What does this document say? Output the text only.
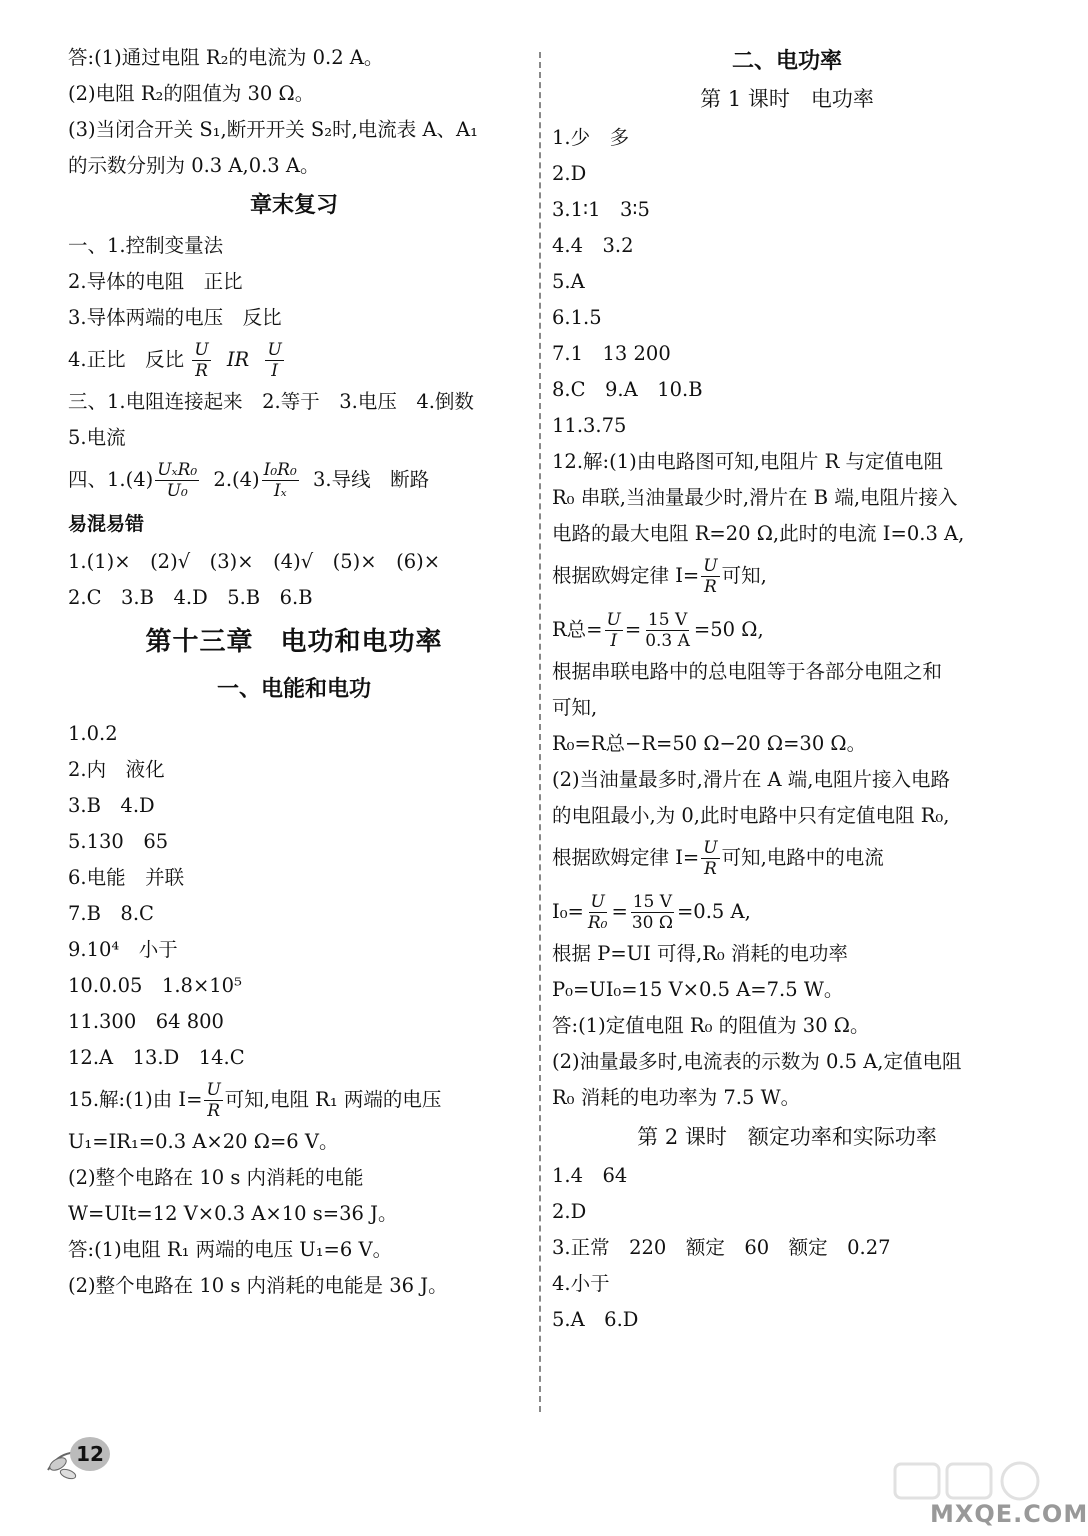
答:(1)通过电阻 R₂的电流为 0.2 A。

(2)电阻 R₂的阻值为 30 Ω。

(3)当闭合开关 S₁,断开开关 S₂时,电流表 A、A₁

的示数分别为 0.3 A,0.3 A。

章末复习

一、1.控制变量法

2.导体的电阻　正比

3.导体两端的电压　反比

4.正比　反比 $\frac{U}{R}$ IR $\frac{U}{I}$

三、1.电阻连接起来　2.等于　3.电压　4.倒数

5.电流

四、$1.(4) \frac{\text{UₓR₀}}{\text{U₀}} 2.(4) \frac{\text{I₀R₀}}{\text{Iₓ}} 3$.导线　断路

易混易错

1.(1)×　(2)√　(3)×　(4)√　(5)×　(6)×

2.C　3.B　4.D　5.B　6.B

第十三章　电功和电功率
一、电能和电功

1.0.2

2.内　液化

3.B　4.D

5.130　65

6.电能　并联

7.B　8.C

9.10⁴　小于

10.0.05　1.8×10⁵

11.300　64 800

12.A　13.D　14.C

15.解:(1)由 $I= \frac{U}{R}$ 可知,电阻 R₁ 两端的电压

U₁=IR₁=0.3 A×20 Ω=6 V。

(2)整个电路在 10 s 内消耗的电能

W=UIt=12 V×0.3 A×10 s=36 J。

答:(1)电阻 R₁ 两端的电压 U₁=6 V。

(2)整个电路在 10 s 内消耗的电能是 36 J。

二、电功率
第 1 课时　电功率

1.少　多

2.D

3.1∶1　3∶5

4.4　3.2

5.A

6.1.5

7.1　13 200

8.C　9.A　10.B

11.3.75

12.解:(1)由电路图可知,电阻片 R 与定值电阻

R₀ 串联,当油量最少时,滑片在 B 端,电阻片接入

电路的最大电阻 R=20 Ω,此时的电流 I=0.3 A,

根据欧姆定律 $I= \frac{U}{R}$ 可知,

R总= $\frac{U}{I} = \frac{15 V}{0.3 A} =50$ Ω,

根据串联电路中的总电阻等于各部分电阻之和

可知,

R₀=R总−R=50 Ω−20 Ω=30 Ω。

(2)当油量最多时,滑片在 A 端,电阻片接入电路

的电阻最小,为 0,此时电路中只有定值电阻 R₀,

根据欧姆定律 $I= \frac{U}{R}$ 可知,电路中的电流

$I_0= \frac{U}{\text{R₀}} = \frac{15 V}{30 \Omega} =0.5$ A,

根据 P=UI 可得,R₀ 消耗的电功率

P₀=UI₀=15 V×0.5 A=7.5 W。

答:(1)定值电阻 R₀ 的阻值为 30 Ω。

(2)油量最多时,电流表的示数为 0.5 A,定值电阻

R₀ 消耗的电功率为 7.5 W。

第 2 课时　额定功率和实际功率

1.4　64

2.D

3.正常　220　额定　60　额定　0.27

4.小于

5.A　6.D

12
MXQE.COM
